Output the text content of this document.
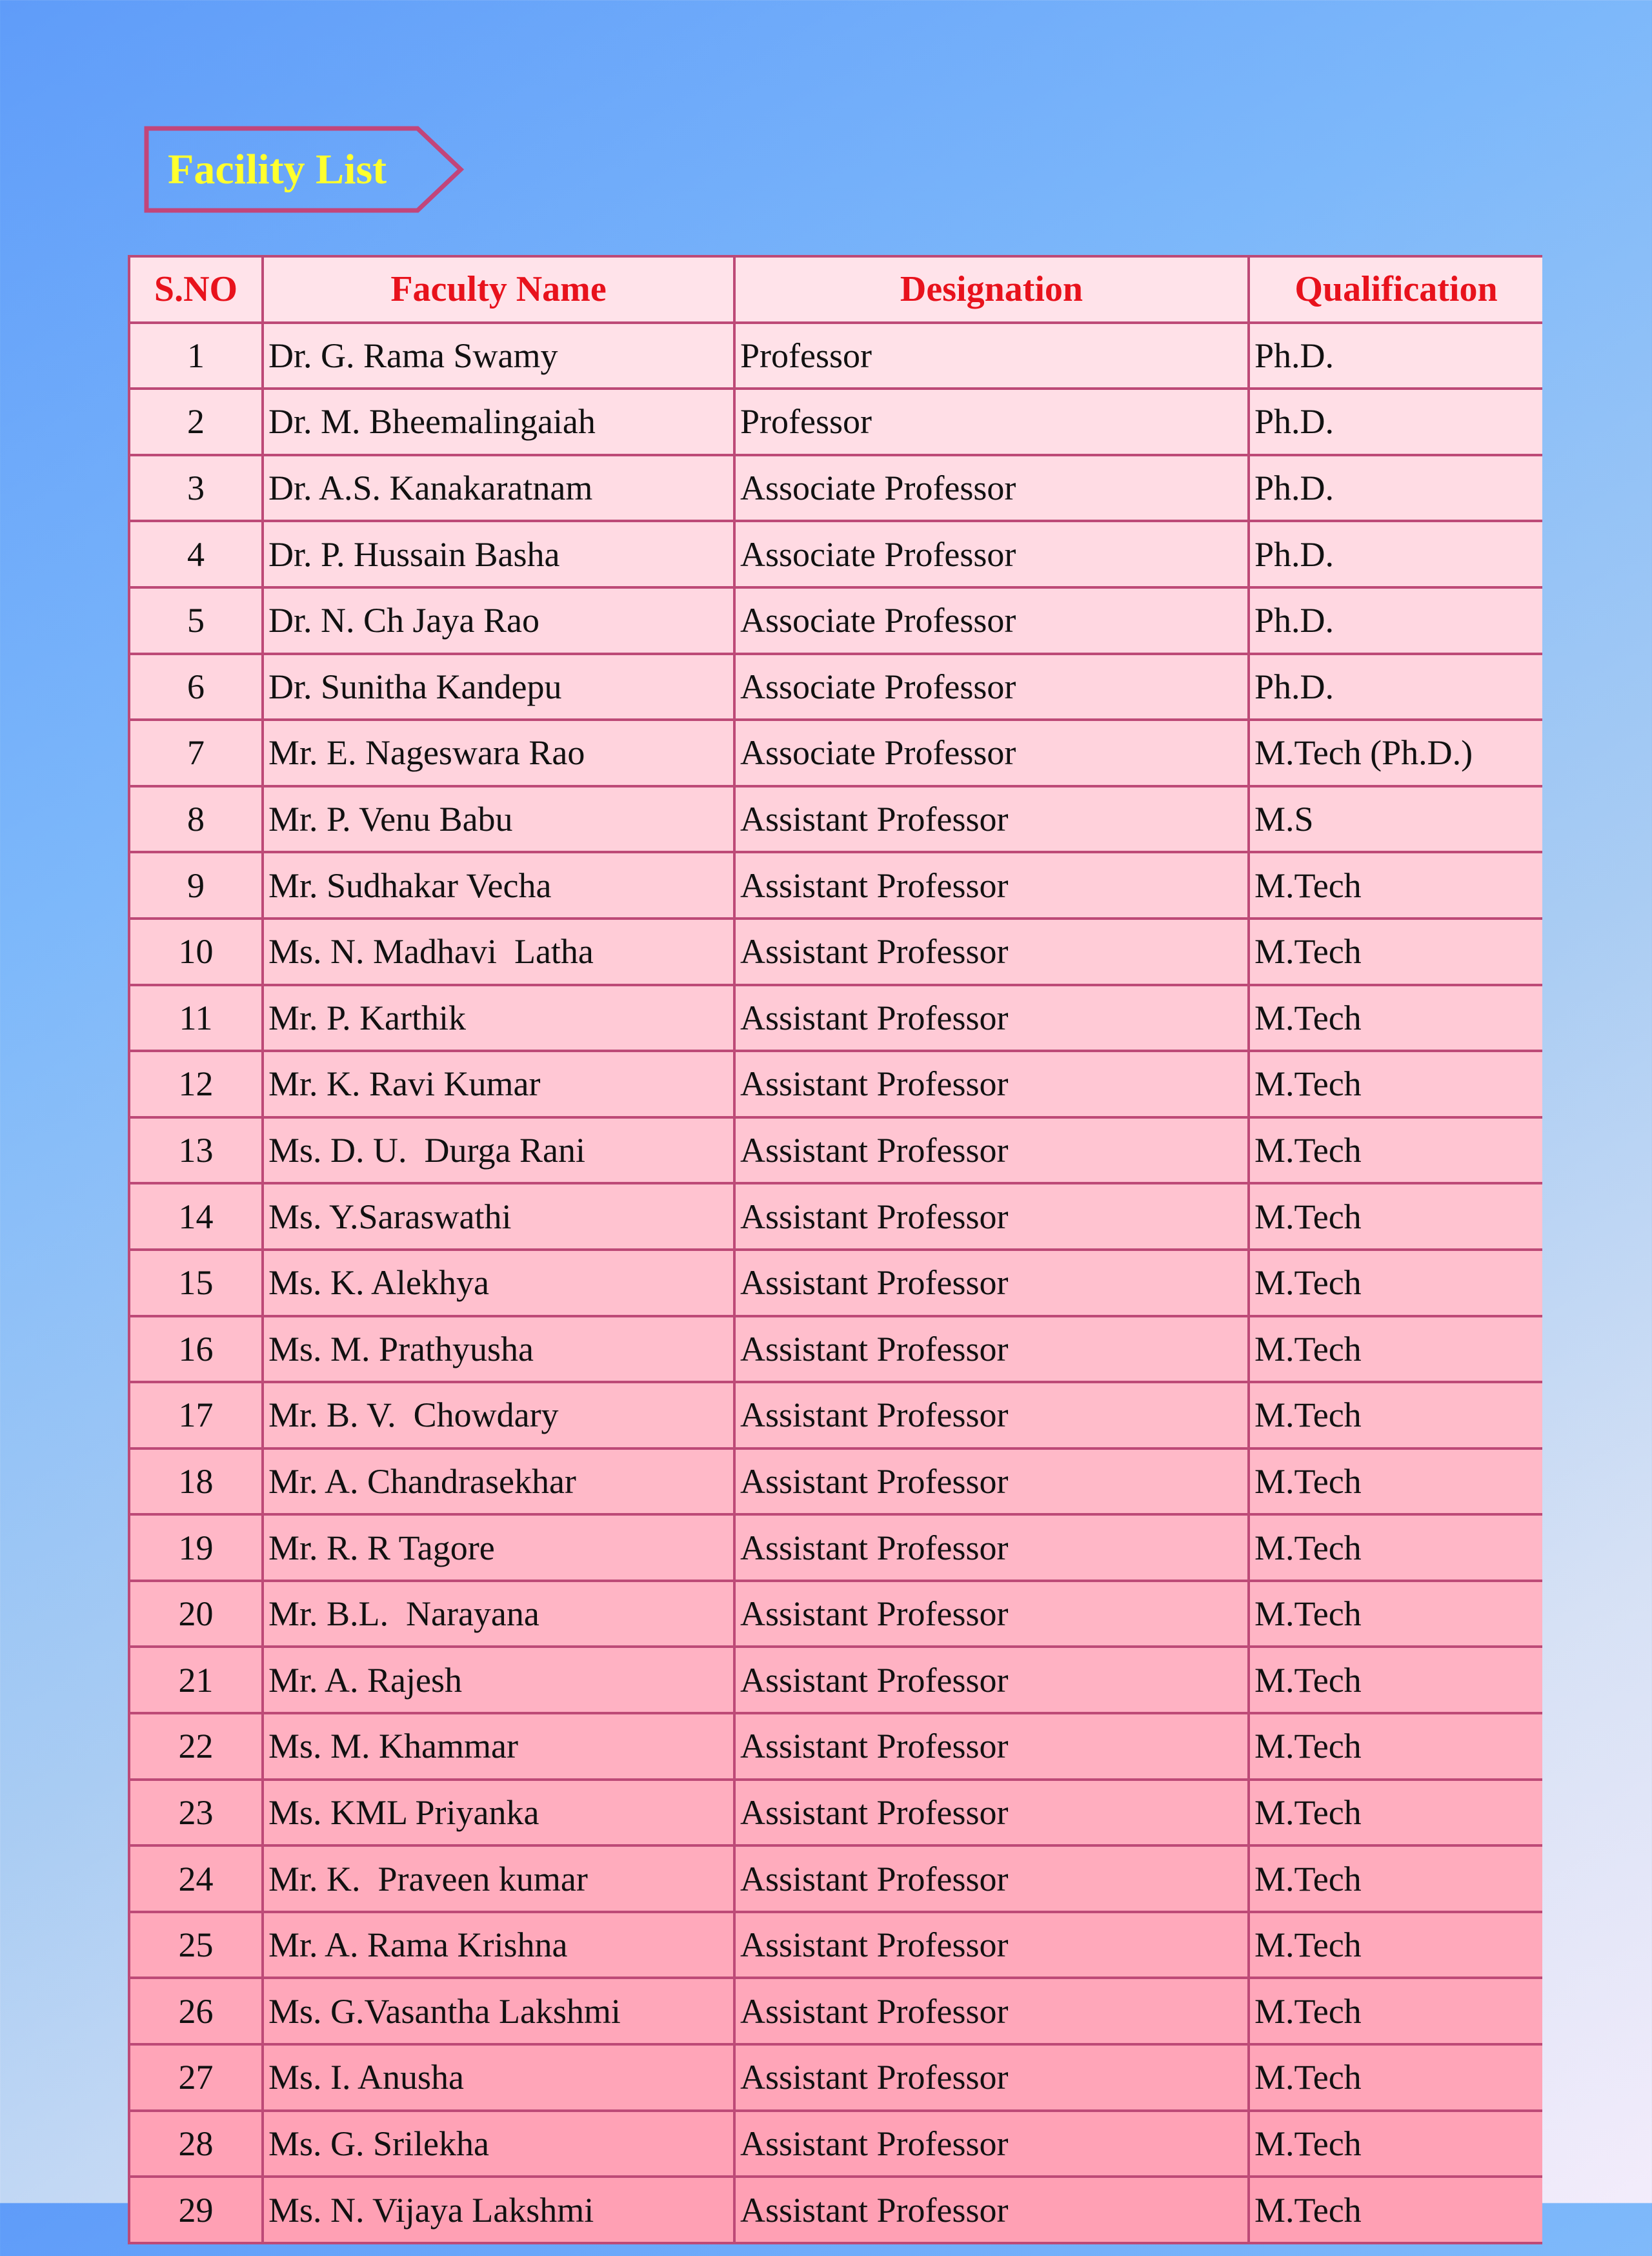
Facility List
S.NO	Faculty Name	Designation	Qualification
1	Dr. G. Rama Swamy	Professor	Ph.D.
2	Dr. M. Bheemalingaiah	Professor	Ph.D.
3	Dr. A.S. Kanakaratnam	Associate Professor	Ph.D.
4	Dr. P. Hussain Basha	Associate Professor	Ph.D.
5	Dr. N. Ch Jaya Rao	Associate Professor	Ph.D.
6	Dr. Sunitha Kandepu	Associate Professor	Ph.D.
7	Mr. E. Nageswara Rao	Associate Professor	M.Tech (Ph.D.)
8	Mr. P. Venu Babu	Assistant Professor	M.S
9	Mr. Sudhakar Vecha	Assistant Professor	M.Tech
10	Ms. N. Madhavi  Latha	Assistant Professor	M.Tech
11	Mr. P. Karthik	Assistant Professor	M.Tech
12	Mr. K. Ravi Kumar	Assistant Professor	M.Tech
13	Ms. D. U.  Durga Rani	Assistant Professor	M.Tech
14	Ms. Y.Saraswathi	Assistant Professor	M.Tech
15	Ms. K. Alekhya	Assistant Professor	M.Tech
16	Ms. M. Prathyusha	Assistant Professor	M.Tech
17	Mr. B. V.  Chowdary	Assistant Professor	M.Tech
18	Mr. A. Chandrasekhar	Assistant Professor	M.Tech
19	Mr. R. R Tagore	Assistant Professor	M.Tech
20	Mr. B.L.  Narayana	Assistant Professor	M.Tech
21	Mr. A. Rajesh	Assistant Professor	M.Tech
22	Ms. M. Khammar	Assistant Professor	M.Tech
23	Ms. KML Priyanka	Assistant Professor	M.Tech
24	Mr. K.  Praveen kumar	Assistant Professor	M.Tech
25	Mr. A. Rama Krishna	Assistant Professor	M.Tech
26	Ms. G.Vasantha Lakshmi	Assistant Professor	M.Tech
27	Ms. I. Anusha	Assistant Professor	M.Tech
28	Ms. G. Srilekha	Assistant Professor	M.Tech
29	Ms. N. Vijaya Lakshmi	Assistant Professor	M.Tech
